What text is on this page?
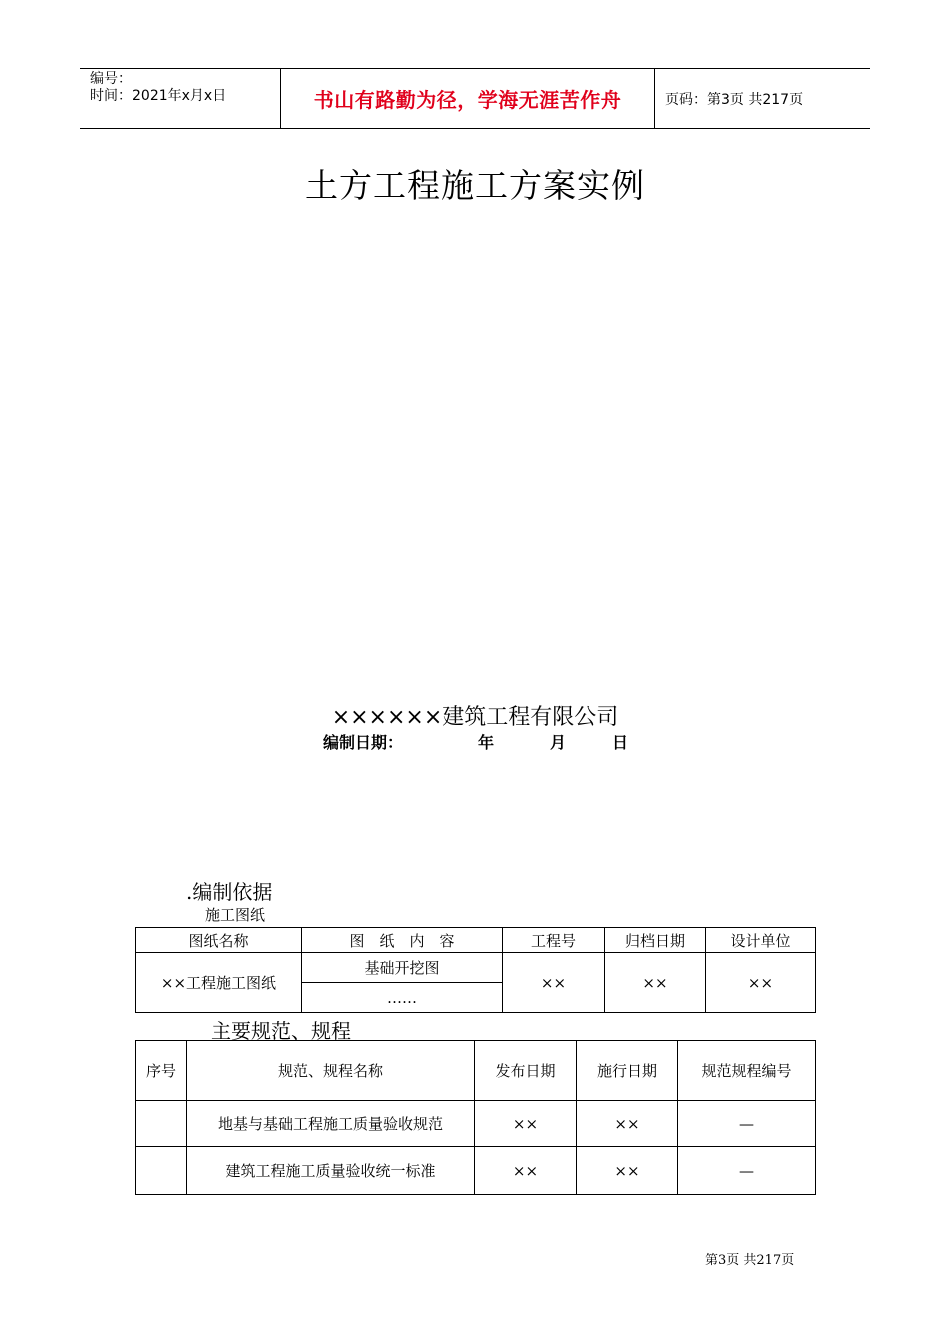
编号：
时间：2021年x月x日	书山有路勤为径，学海无涯苦作舟	页码：第3页 共217页
土方工程施工方案实例
××××××建筑工程有限公司
编制日期：	年	月	日
.编制依据
施工图纸
图纸名称	图　纸　内　容	工程号	归档日期	设计单位
××工程施工图纸	基础开挖图	××	××	××
	……			
主要规范、规程
序号	规范、规程名称	发布日期	施行日期	规范规程编号
	地基与基础工程施工质量验收规范	××	××	—
	建筑工程施工质量验收统一标准	××	××	—
第3页 共217页
